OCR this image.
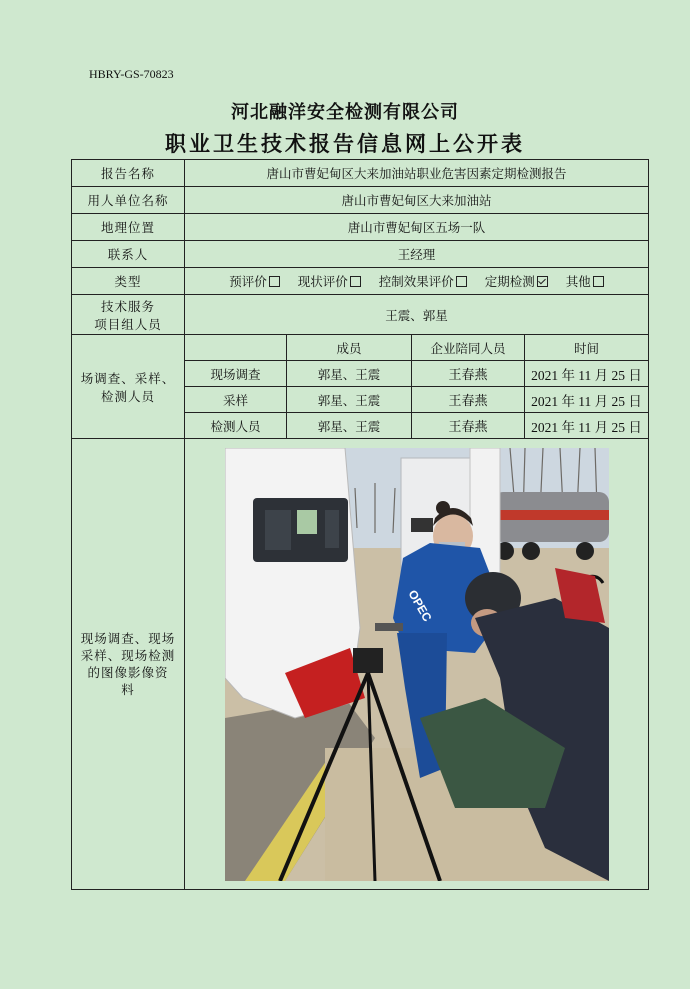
HBRY-GS-70823
河北融洋安全检测有限公司
职业卫生技术报告信息网上公开表
报告名称	唐山市曹妃甸区大来加油站职业危害因素定期检测报告			
用人单位名称	唐山市曹妃甸区大来加油站			
地理位置	唐山市曹妃甸区五场一队			
联系人	王经理			
类型	预评价 现状评价 控制效果评价 定期检测 其他			

技术服务
项目组人员	王震、郭星			

场调查、采样、
检测人员		成员	企业陪同人员	时间
	现场调查	郭星、王震	王春燕	2021 年 11 月 25 日
	采样	郭星、王震	王春燕	2021 年 11 月 25 日
	检测人员	郭星、王震	王春燕	2021 年 11 月 25 日

现场调查、现场
采样、现场检测
的图像影像资
料	OPEC			
